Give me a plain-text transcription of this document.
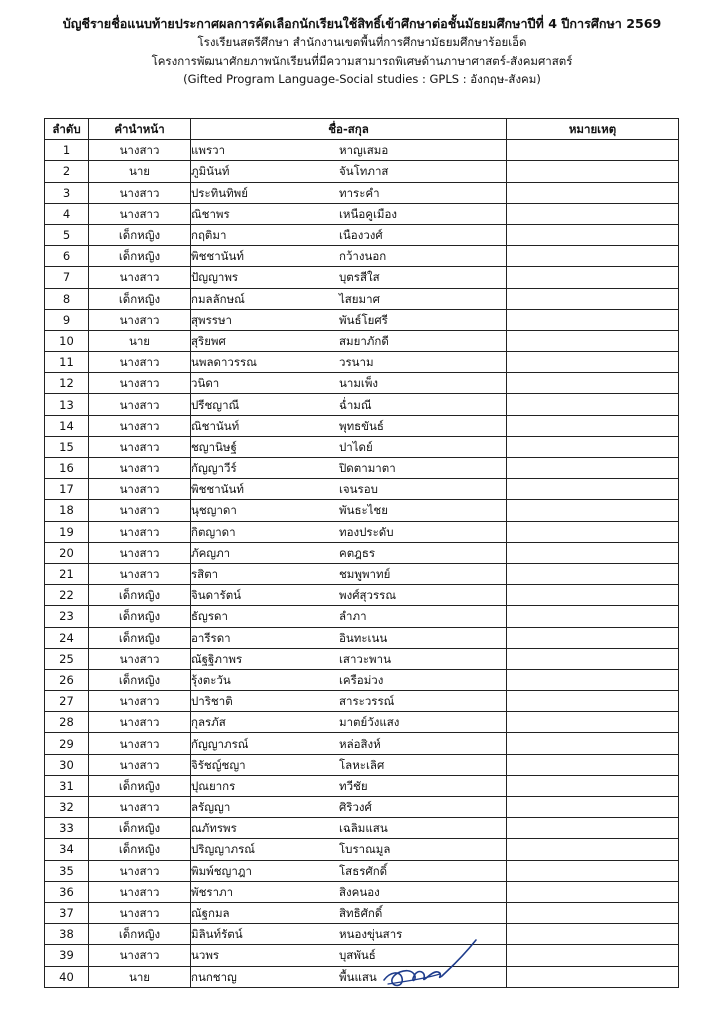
บัญชีรายชื่อแนบท้ายประกาศผลการคัดเลือกนักเรียนใช้สิทธิ์เข้าศึกษาต่อชั้นมัธยมศึกษาปีที่ 4 ปีการศึกษา 2569
โรงเรียนสตรีศึกษา สำนักงานเขตพื้นที่การศึกษามัธยมศึกษาร้อยเอ็ด
โครงการพัฒนาศักยภาพนักเรียนที่มีความสามารถพิเศษด้านภาษาศาสตร์-สังคมศาสตร์
(Gifted Program Language-Social studies : GPLS : อังกฤษ-สังคม)
ลำดับ	คำนำหน้า	ชื่อ-สกุล	หมายเหตุ
1	นางสาว	แพรวา หาญเสมอ	
2	นาย	ภูมินันท์ จันโทภาส	
3	นางสาว	ประทินทิพย์ ทาระคำ	
4	นางสาว	ณิชาพร เหนือคูเมือง	
5	เด็กหญิง	กฤติมา เนืองวงศ์	
6	เด็กหญิง	พิชชานันท์ กว้างนอก	
7	นางสาว	ปัญญาพร บุตรสีใส	
8	เด็กหญิง	กมลลักษณ์ ไสยมาศ	
9	นางสาว	สุพรรษา พันธ์โยศรี	
10	นาย	สุริยพศ สมยาภักดี	
11	นางสาว	นพลดาวรรณ วรนาม	
12	นางสาว	วนิดา นามเพ็ง	
13	นางสาว	ปรีชญาณี ฉ่ำมณี	
14	นางสาว	ณิชานันท์ พุทธขันธ์	
15	นางสาว	ชญานิษฐ์ ปาไดย์	
16	นางสาว	กัญญาวีร์ ปิดตามาตา	
17	นางสาว	พิชชานันท์ เจนรอบ	
18	นางสาว	นุชญาดา พันธะไชย	
19	นางสาว	กิตญาดา ทองประดับ	
20	นางสาว	ภัคญภา คตฎธร	
21	นางสาว	รสิตา ชมพูพาทย์	
22	เด็กหญิง	จินดารัตน์ พงศ์สุวรรณ	
23	เด็กหญิง	ธัญรดา ลำภา	
24	เด็กหญิง	อารีรดา อินทะเนน	
25	นางสาว	ณัฐฐิภาพร เสาวะพาน	
26	เด็กหญิง	รุ้งตะวัน เครือม่วง	
27	นางสาว	ปาริชาติ สาระวรรณ์	
28	นางสาว	กุลรภัส มาตย์วังแสง	
29	นางสาว	กัญญาภรณ์ หล่อสิงห์	
30	นางสาว	จิรัชญ์ชญา โลหะเลิศ	
31	เด็กหญิง	ปุณยากร ทวีชัย	
32	นางสาว	ลรัญญา ศิริวงศ์	
33	เด็กหญิง	ณภัทรพร เฉลิมแสน	
34	เด็กหญิง	ปริญญาภรณ์ โบราณมูล	
35	นางสาว	พิมพ์ชญาฎา โสธรศักดิ์	
36	นางสาว	พัชราภา สิงคนอง	
37	นางสาว	ณัฐกมล สิทธิศักดิ์	
38	เด็กหญิง	มิลินท์รัตน์ หนองขุ่นสาร	
39	นางสาว	นวพร บุสพันธ์	
40	นาย	กนกชาญ พื้นแสน	
